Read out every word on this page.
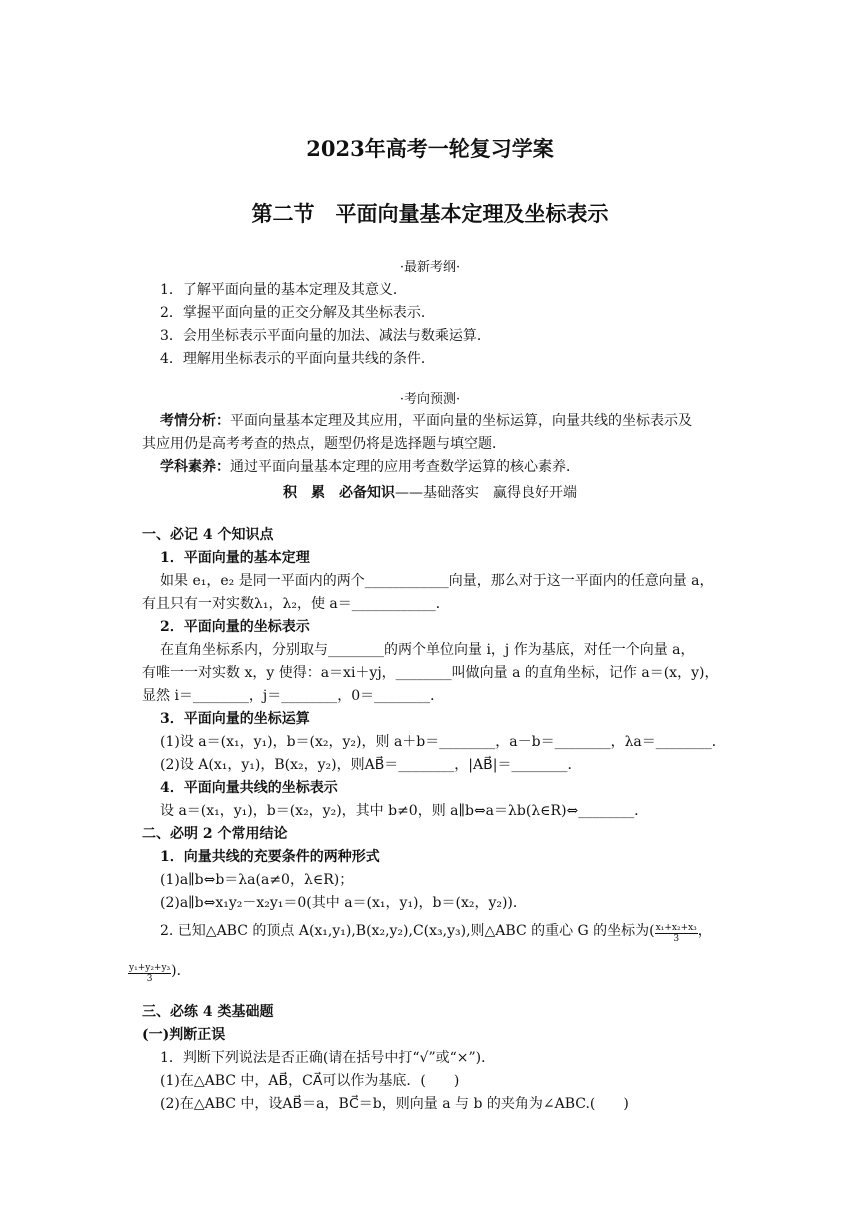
2023年高考一轮复习学案
第二节　平面向量基本定理及坐标表示
·最新考纲·
1．了解平面向量的基本定理及其意义．
2．掌握平面向量的正交分解及其坐标表示．
3．会用坐标表示平面向量的加法、减法与数乘运算．
4．理解用坐标表示的平面向量共线的条件．
·考向预测·
考情分析：平面向量基本定理及其应用，平面向量的坐标运算，向量共线的坐标表示及
其应用仍是高考考查的热点，题型仍将是选择题与填空题．
学科素养：通过平面向量基本定理的应用考查数学运算的核心素养．
积　累　必备知识——基础落实　赢得良好开端
一、必记 4 个知识点
1．平面向量的基本定理
如果 e₁，e₂ 是同一平面内的两个____________向量，那么对于这一平面内的任意向量 a，
有且只有一对实数λ₁，λ₂，使 a＝____________．
2．平面向量的坐标表示
在直角坐标系内，分别取与________的两个单位向量 i，j 作为基底，对任一个向量 a，
有唯一一对实数 x，y 使得：a＝xi＋yj，________叫做向量 a 的直角坐标，记作 a＝(x，y)，
显然 i＝________，j＝________，0＝________．
3．平面向量的坐标运算
(1)设 a＝(x₁，y₁)，b＝(x₂，y₂)，则 a＋b＝________，a－b＝________，λa＝________．
(2)设 A(x₁，y₁)，B(x₂，y₂)，则AB⃗＝________，|AB⃗|＝________．
4．平面向量共线的坐标表示
设 a＝(x₁，y₁)，b＝(x₂，y₂)，其中 b≠0，则 a∥b⇔a＝λb(λ∈R)⇔________．
二、必明 2 个常用结论
1．向量共线的充要条件的两种形式
(1)a∥b⇔b＝λa(a≠0，λ∈R)；
(2)a∥b⇔x₁y₂－x₂y₁＝0(其中 a＝(x₁，y₁)，b＝(x₂，y₂))．
2. 已知△ABC 的顶点 A(x₁,y₁),B(x₂,y₂),C(x₃,y₃),则△ABC 的重心 G 的坐标为( $\frac{\text{x₁+x₂+x₃}}{3}$ ，
$\frac{\text{y₁+y₂+y₃}}{3}$ )．
三、必练 4 类基础题
(一)判断正误
1．判断下列说法是否正确(请在括号中打“√”或“×”)．
(1)在△ABC 中，AB⃗，CA⃗可以作为基底．(　　)
(2)在△ABC 中，设AB⃗＝a，BC⃗＝b，则向量 a 与 b 的夹角为∠ABC.(　　)
